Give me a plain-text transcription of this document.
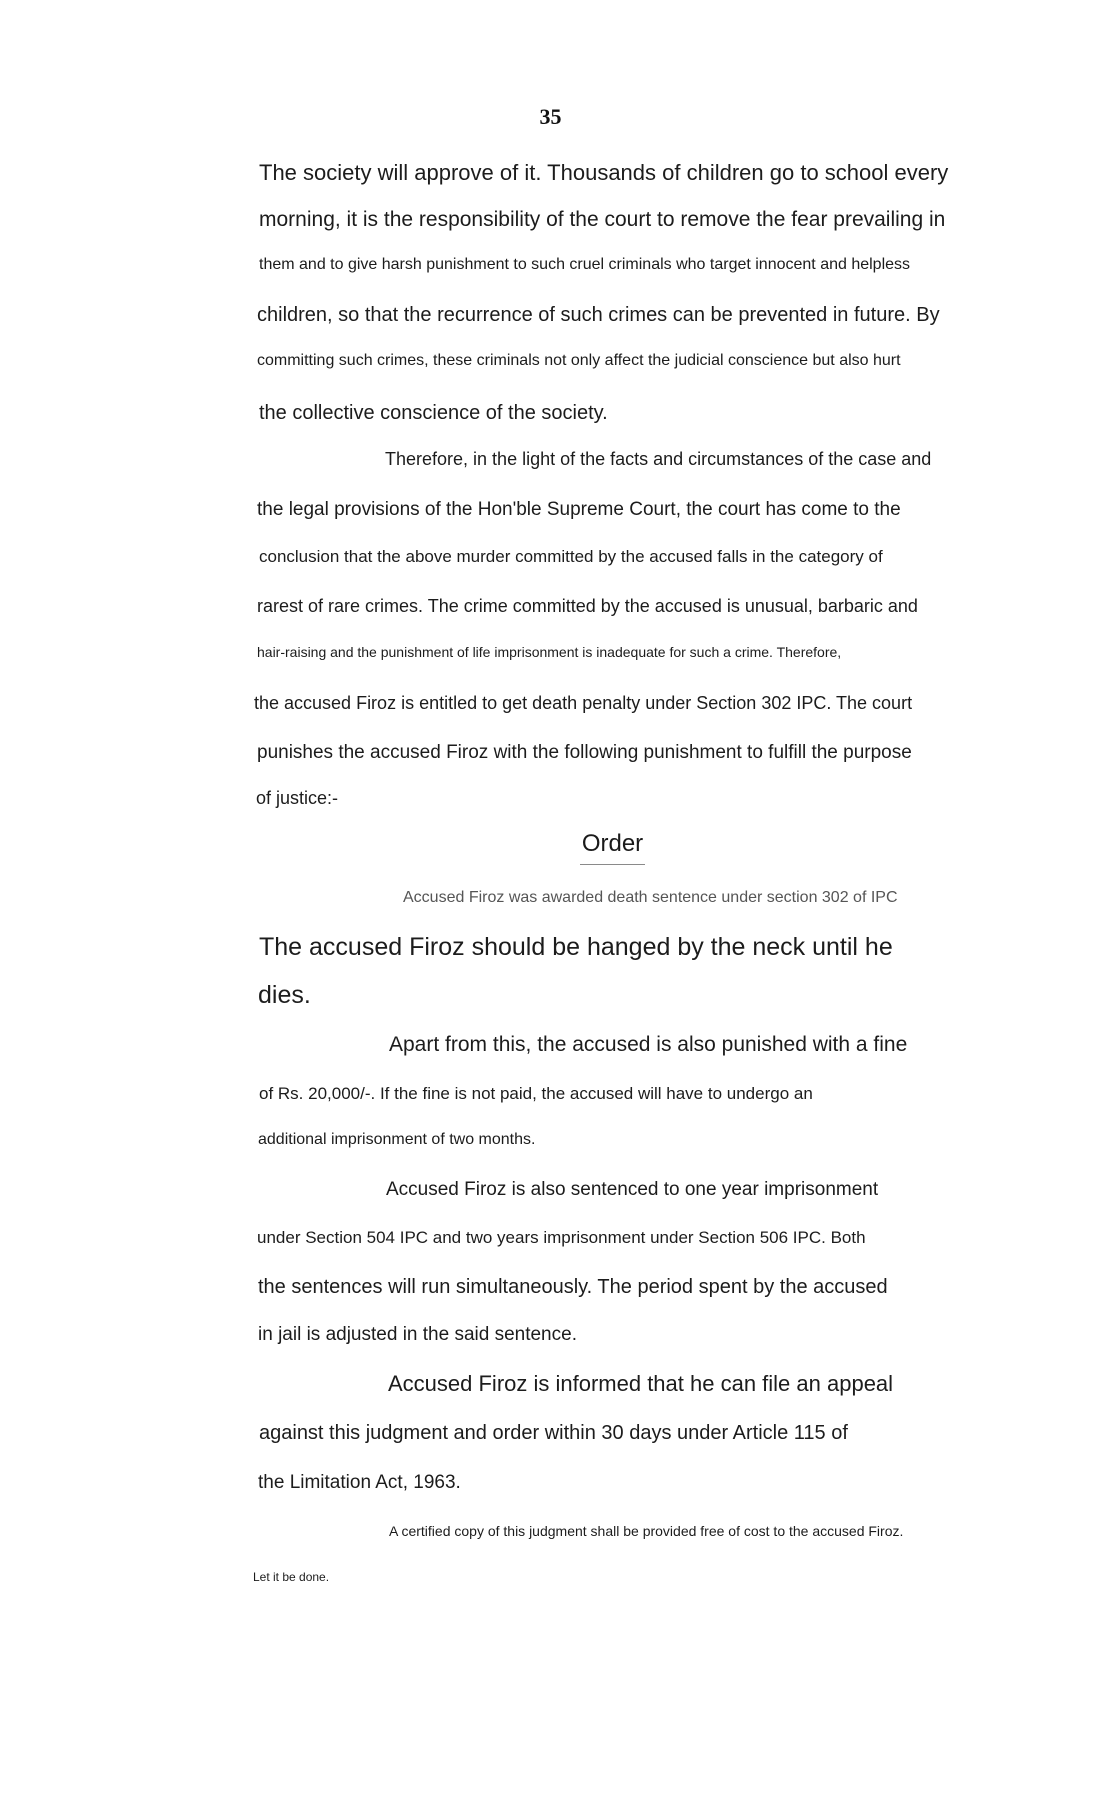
35
The society will approve of it. Thousands of children go to school every
morning, it is the responsibility of the court to remove the fear prevailing in
them and to give harsh punishment to such cruel criminals who target innocent and helpless
children, so that the recurrence of such crimes can be prevented in future. By
committing such crimes, these criminals not only affect the judicial conscience but also hurt
the collective conscience of the society.
Therefore, in the light of the facts and circumstances of the case and
the legal provisions of the Hon'ble Supreme Court, the court has come to the
conclusion that the above murder committed by the accused falls in the category of
rarest of rare crimes. The crime committed by the accused is unusual, barbaric and
hair-raising and the punishment of life imprisonment is inadequate for such a crime. Therefore,
the accused Firoz is entitled to get death penalty under Section 302 IPC. The court
punishes the accused Firoz with the following punishment to fulfill the purpose
of justice:-
Order
Accused Firoz was awarded death sentence under section 302 of IPC
The accused Firoz should be hanged by the neck until he
dies.
Apart from this, the accused is also punished with a fine
of Rs. 20,000/-. If the fine is not paid, the accused will have to undergo an
additional imprisonment of two months.
Accused Firoz is also sentenced to one year imprisonment
under Section 504 IPC and two years imprisonment under Section 506 IPC. Both
the sentences will run simultaneously. The period spent by the accused
in jail is adjusted in the said sentence.
Accused Firoz is informed that he can file an appeal
against this judgment and order within 30 days under Article 115 of
the Limitation Act, 1963.
A certified copy of this judgment shall be provided free of cost to the accused Firoz.
Let it be done.
